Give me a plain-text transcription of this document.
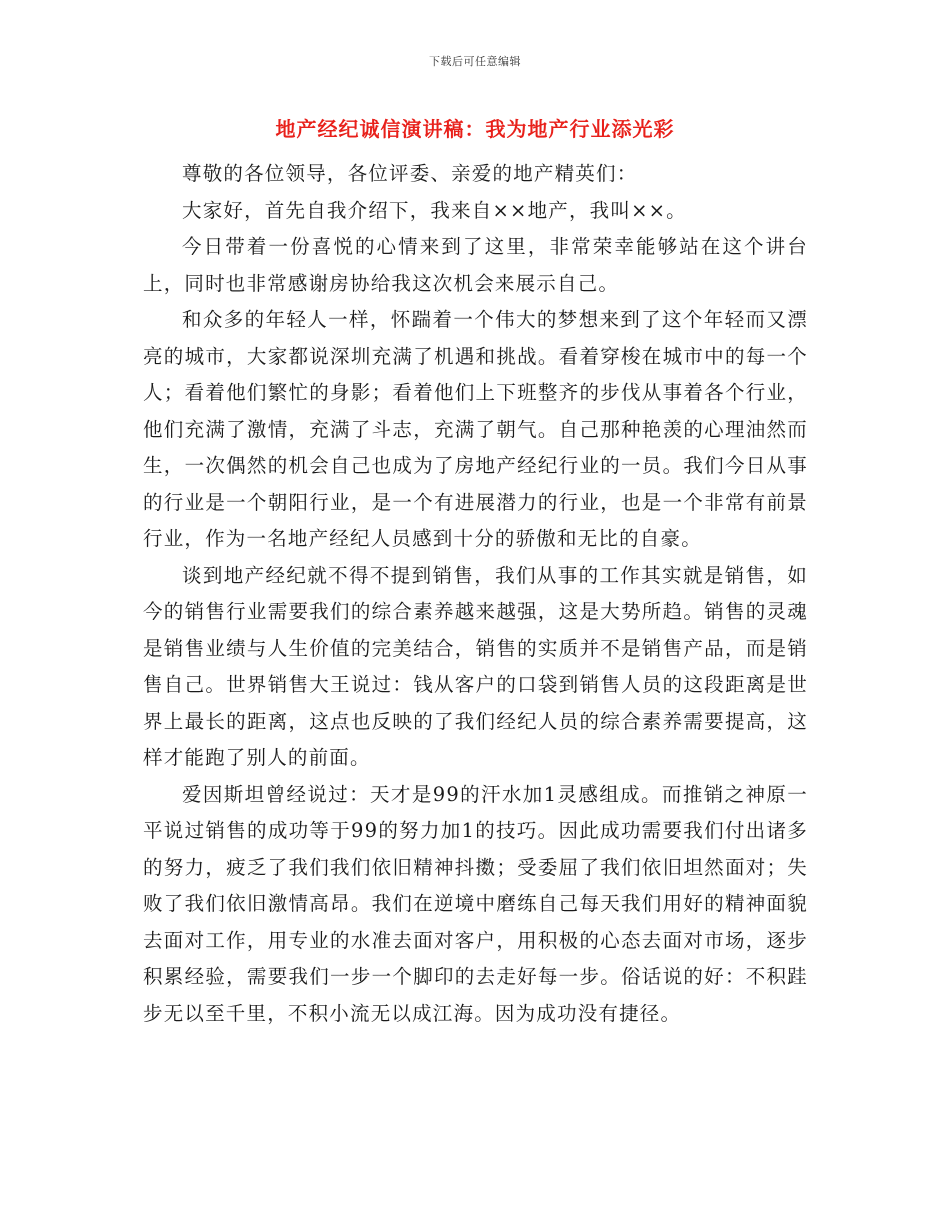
下载后可任意编辑
地产经纪诚信演讲稿：我为地产行业添光彩

尊敬的各位领导，各位评委、亲爱的地产精英们：

大家好，首先自我介绍下，我来自××地产，我叫××。

今日带着一份喜悦的心情来到了这里，非常荣幸能够站在这个讲台上，同时也非常感谢房协给我这次机会来展示自己。

和众多的年轻人一样，怀踹着一个伟大的梦想来到了这个年轻而又漂亮的城市，大家都说深圳充满了机遇和挑战。看着穿梭在城市中的每一个人；看着他们繁忙的身影；看着他们上下班整齐的步伐从事着各个行业，他们充满了激情，充满了斗志，充满了朝气。自己那种艳羡的心理油然而生，一次偶然的机会自己也成为了房地产经纪行业的一员。我们今日从事的行业是一个朝阳行业，是一个有进展潜力的行业，也是一个非常有前景行业，作为一名地产经纪人员感到十分的骄傲和无比的自豪。

谈到地产经纪就不得不提到销售，我们从事的工作其实就是销售，如今的销售行业需要我们的综合素养越来越强，这是大势所趋。销售的灵魂是销售业绩与人生价值的完美结合，销售的实质并不是销售产品，而是销售自己。世界销售大王说过：钱从客户的口袋到销售人员的这段距离是世界上最长的距离，这点也反映的了我们经纪人员的综合素养需要提高，这样才能跑了别人的前面。

爱因斯坦曾经说过：天才是99的汗水加1灵感组成。而推销之神原一平说过销售的成功等于99的努力加1的技巧。因此成功需要我们付出诸多的努力，疲乏了我们我们依旧精神抖擞；受委屈了我们依旧坦然面对；失败了我们依旧激情高昂。我们在逆境中磨练自己每天我们用好的精神面貌去面对工作，用专业的水准去面对客户，用积极的心态去面对市场，逐步积累经验，需要我们一步一个脚印的去走好每一步。俗话说的好：不积跬步无以至千里，不积小流无以成江海。因为成功没有捷径。
